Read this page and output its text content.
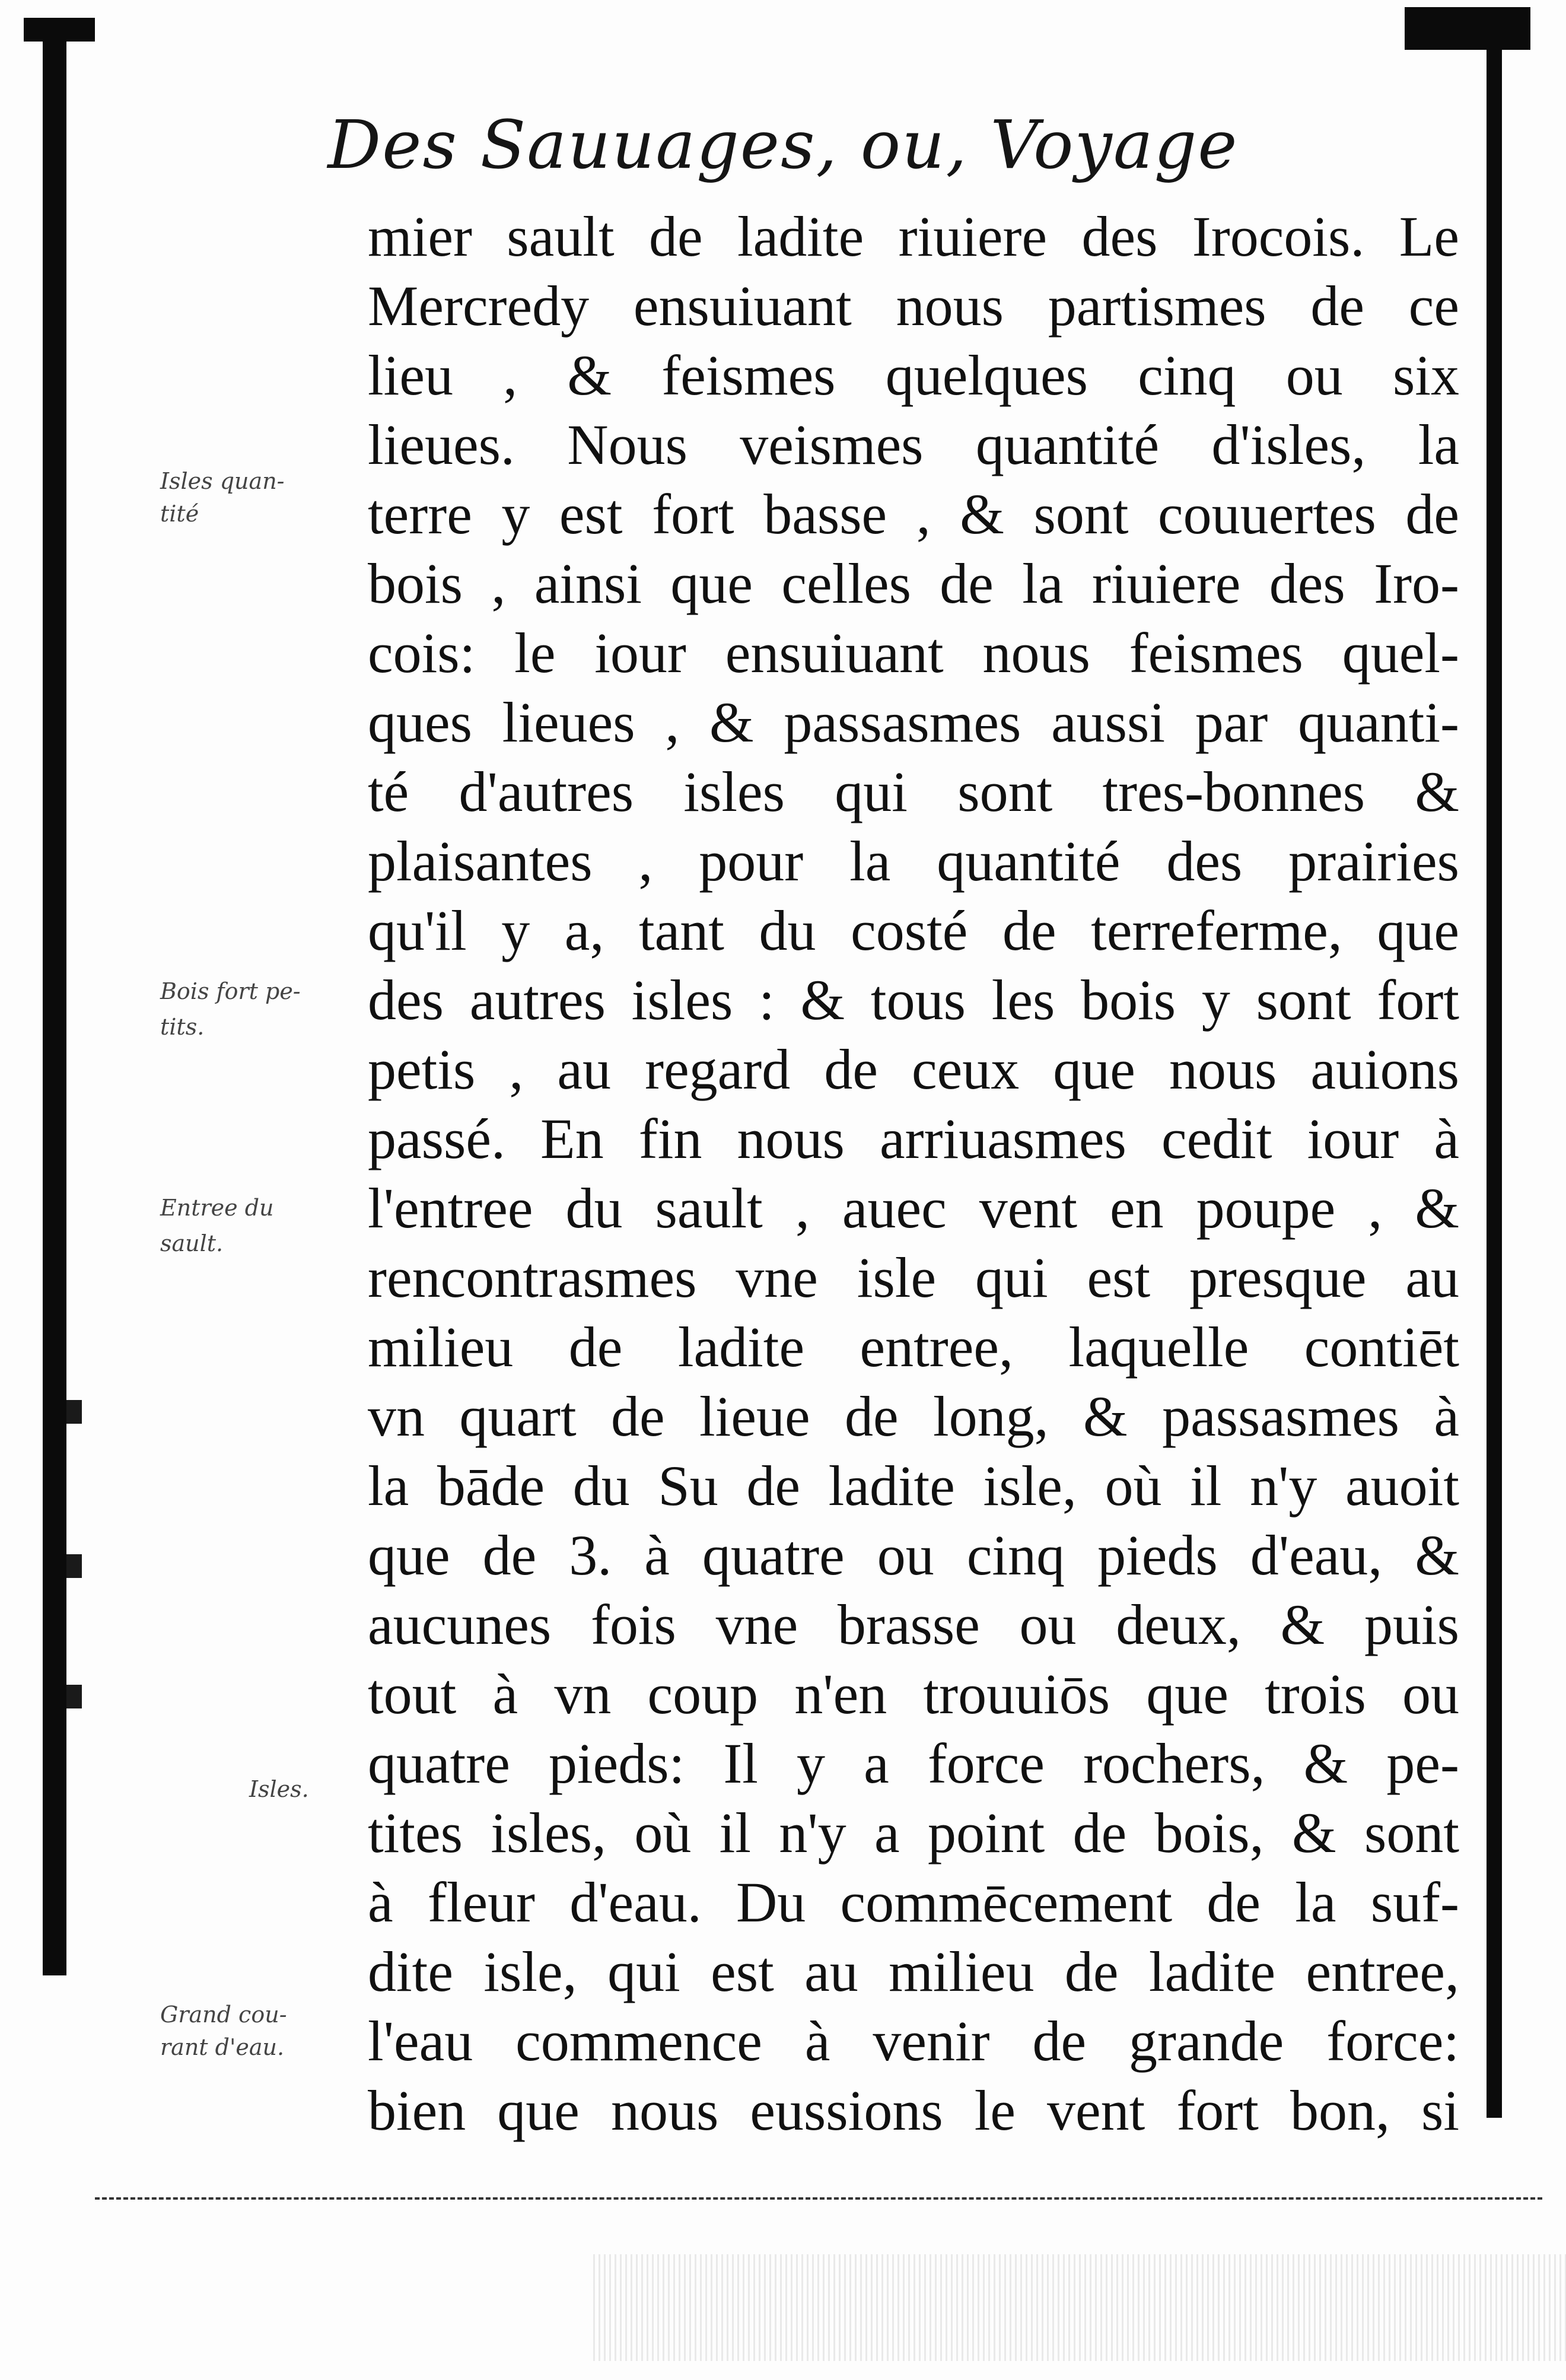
Des Sauuages, ou, Voyage
Isles quan-
tité
Bois fort pe-
tits.
Entree du
sault.
Isles.
Grand cou-
rant d'eau.
mier sault de ladite riuiere des Irocois. Le
Mercredy ensuiuant nous partismes de ce
lieu , & feismes quelques cinq ou six
lieues. Nous veismes quantité d'isles, la
terre y est fort basse , & sont couuertes de
bois , ainsi que celles de la riuiere des Iro-
cois: le iour ensuiuant nous feismes quel-
ques lieues , & passasmes aussi par quanti-
té d'autres isles qui sont tres-bonnes &
plaisantes , pour la quantité des prairies
qu'il y a, tant du costé de terreferme, que
des autres isles : & tous les bois y sont fort
petis , au regard de ceux que nous auions
passé. En fin nous arriuasmes cedit iour à
l'entree du sault , auec vent en poupe , &
rencontrasmes vne isle qui est presque au
milieu de ladite entree, laquelle contiēt
vn quart de lieue de long, & passasmes à
la bāde du Su de ladite isle, où il n'y auoit
que de 3. à quatre ou cinq pieds d'eau, &
aucunes fois vne brasse ou deux, & puis
tout à vn coup n'en trouuiōs que trois ou
quatre pieds: Il y a force rochers, & pe-
tites isles, où il n'y a point de bois, & sont
à fleur d'eau. Du commēcement de la suf-
dite isle, qui est au milieu de ladite entree,
l'eau commence à venir de grande force:
bien que nous eussions le vent fort bon, si
